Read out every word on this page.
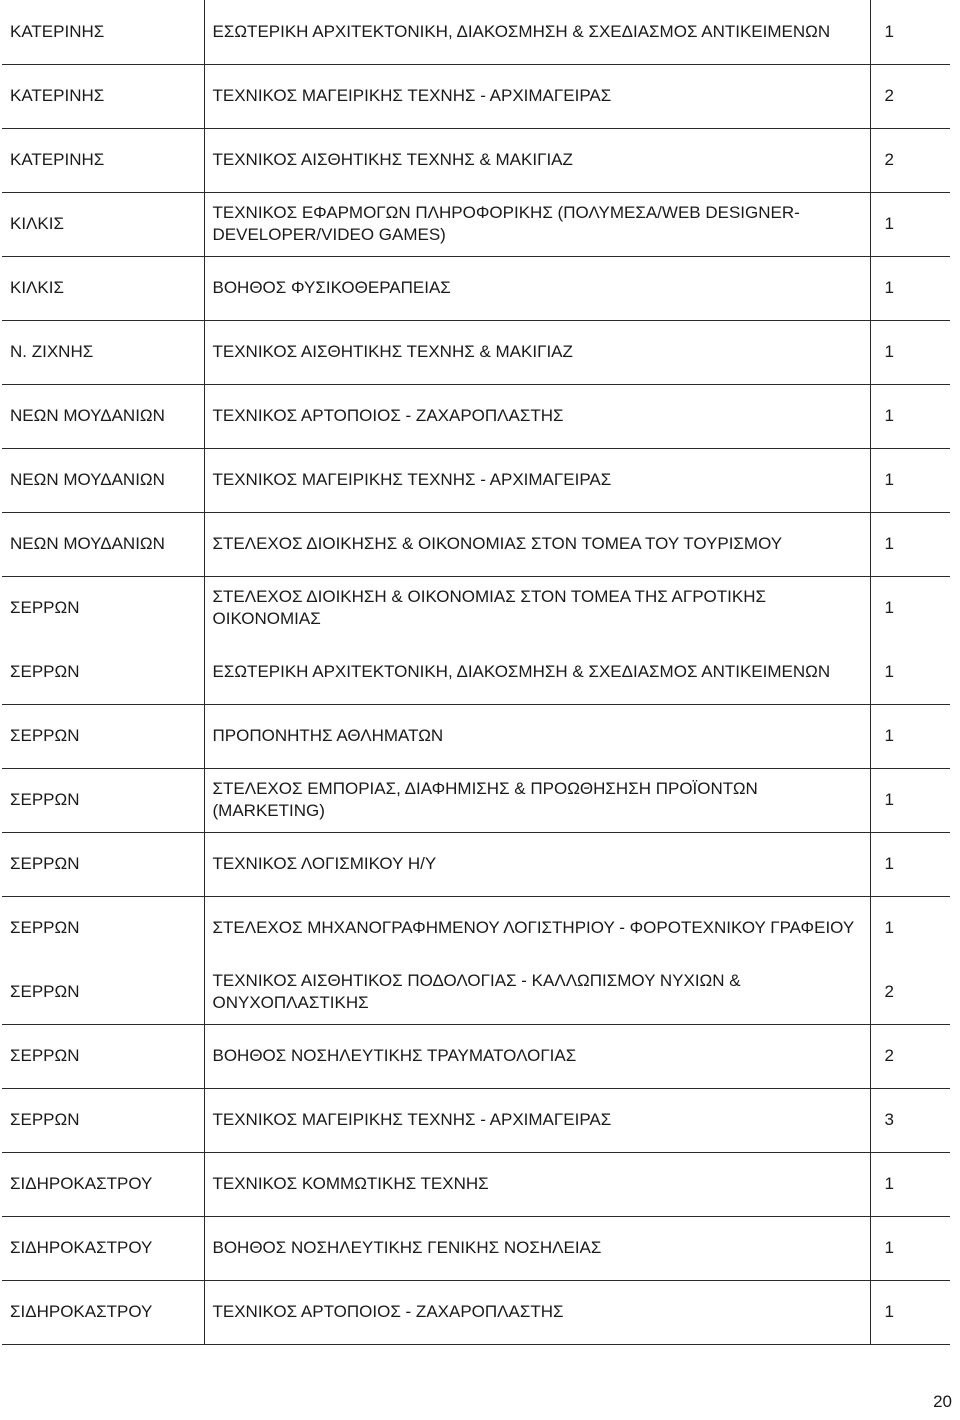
ΚΑΤΕΡΙΝΗΣ	ΕΣΩΤΕΡΙΚΗ ΑΡΧΙΤΕΚΤΟΝΙΚΗ, ΔΙΑΚΟΣΜΗΣΗ & ΣΧΕΔΙΑΣΜΟΣ ΑΝΤΙΚΕΙΜΕΝΩΝ	1
ΚΑΤΕΡΙΝΗΣ	ΤΕΧΝΙΚΟΣ ΜΑΓΕΙΡΙΚΗΣ ΤΕΧΝΗΣ - ΑΡΧΙΜΑΓΕΙΡΑΣ	2
ΚΑΤΕΡΙΝΗΣ	ΤΕΧΝΙΚΟΣ ΑΙΣΘΗΤΙΚΗΣ ΤΕΧΝΗΣ & ΜΑΚΙΓΙΑΖ	2
ΚΙΛΚΙΣ	ΤΕΧΝΙΚΟΣ ΕΦΑΡΜΟΓΩΝ ΠΛΗΡΟΦΟΡΙΚΗΣ (ΠΟΛΥΜΕΣΑ/WEB DESIGNER-DEVELOPER/VIDEO GAMES)	1
ΚΙΛΚΙΣ	ΒΟΗΘΟΣ ΦΥΣΙΚΟΘΕΡΑΠΕΙΑΣ	1
Ν. ΖΙΧΝΗΣ	ΤΕΧΝΙΚΟΣ ΑΙΣΘΗΤΙΚΗΣ ΤΕΧΝΗΣ & ΜΑΚΙΓΙΑΖ	1
ΝΕΩΝ ΜΟΥΔΑΝΙΩΝ	ΤΕΧΝΙΚΟΣ ΑΡΤΟΠΟΙΟΣ - ΖΑΧΑΡΟΠΛΑΣΤΗΣ	1
ΝΕΩΝ ΜΟΥΔΑΝΙΩΝ	ΤΕΧΝΙΚΟΣ ΜΑΓΕΙΡΙΚΗΣ ΤΕΧΝΗΣ - ΑΡΧΙΜΑΓΕΙΡΑΣ	1
ΝΕΩΝ ΜΟΥΔΑΝΙΩΝ	ΣΤΕΛΕΧΟΣ ΔΙΟΙΚΗΣΗΣ & ΟΙΚΟΝΟΜΙΑΣ ΣΤΟΝ ΤΟΜΕΑ ΤΟΥ ΤΟΥΡΙΣΜΟΥ	1
ΣΕΡΡΩΝ	ΣΤΕΛΕΧΟΣ ΔΙΟΙΚΗΣΗ & ΟΙΚΟΝΟΜΙΑΣ ΣΤΟΝ ΤΟΜΕΑ ΤΗΣ ΑΓΡΟΤΙΚΗΣ ΟΙΚΟΝΟΜΙΑΣ	1
ΣΕΡΡΩΝ	ΕΣΩΤΕΡΙΚΗ ΑΡΧΙΤΕΚΤΟΝΙΚΗ, ΔΙΑΚΟΣΜΗΣΗ & ΣΧΕΔΙΑΣΜΟΣ ΑΝΤΙΚΕΙΜΕΝΩΝ	1
ΣΕΡΡΩΝ	ΠΡΟΠΟΝΗΤΗΣ ΑΘΛΗΜΑΤΩΝ	1
ΣΕΡΡΩΝ	ΣΤΕΛΕΧΟΣ ΕΜΠΟΡΙΑΣ, ΔΙΑΦΗΜΙΣΗΣ & ΠΡΟΩΘΗΣΗΣΗ ΠΡΟΪΟΝΤΩΝ (MARKETING)	1
ΣΕΡΡΩΝ	ΤΕΧΝΙΚΟΣ ΛΟΓΙΣΜΙΚΟΥ Η/Υ	1
ΣΕΡΡΩΝ	ΣΤΕΛΕΧΟΣ ΜΗΧΑΝΟΓΡΑΦΗΜΕΝΟΥ ΛΟΓΙΣΤΗΡΙΟΥ - ΦΟΡΟΤΕΧΝΙΚΟΥ ΓΡΑΦΕΙΟΥ	1
ΣΕΡΡΩΝ	ΤΕΧΝΙΚΟΣ ΑΙΣΘΗΤΙΚΟΣ ΠΟΔΟΛΟΓΙΑΣ - ΚΑΛΛΩΠΙΣΜΟΥ ΝΥΧΙΩΝ & ΟΝΥΧΟΠΛΑΣΤΙΚΗΣ	2
ΣΕΡΡΩΝ	ΒΟΗΘΟΣ ΝΟΣΗΛΕΥΤΙΚΗΣ ΤΡΑΥΜΑΤΟΛΟΓΙΑΣ	2
ΣΕΡΡΩΝ	ΤΕΧΝΙΚΟΣ ΜΑΓΕΙΡΙΚΗΣ ΤΕΧΝΗΣ - ΑΡΧΙΜΑΓΕΙΡΑΣ	3
ΣΙΔΗΡΟΚΑΣΤΡΟΥ	ΤΕΧΝΙΚΟΣ ΚΟΜΜΩΤΙΚΗΣ ΤΕΧΝΗΣ	1
ΣΙΔΗΡΟΚΑΣΤΡΟΥ	ΒΟΗΘΟΣ ΝΟΣΗΛΕΥΤΙΚΗΣ ΓΕΝΙΚΗΣ ΝΟΣΗΛΕΙΑΣ	1
ΣΙΔΗΡΟΚΑΣΤΡΟΥ	ΤΕΧΝΙΚΟΣ ΑΡΤΟΠΟΙΟΣ - ΖΑΧΑΡΟΠΛΑΣΤΗΣ	1
20
